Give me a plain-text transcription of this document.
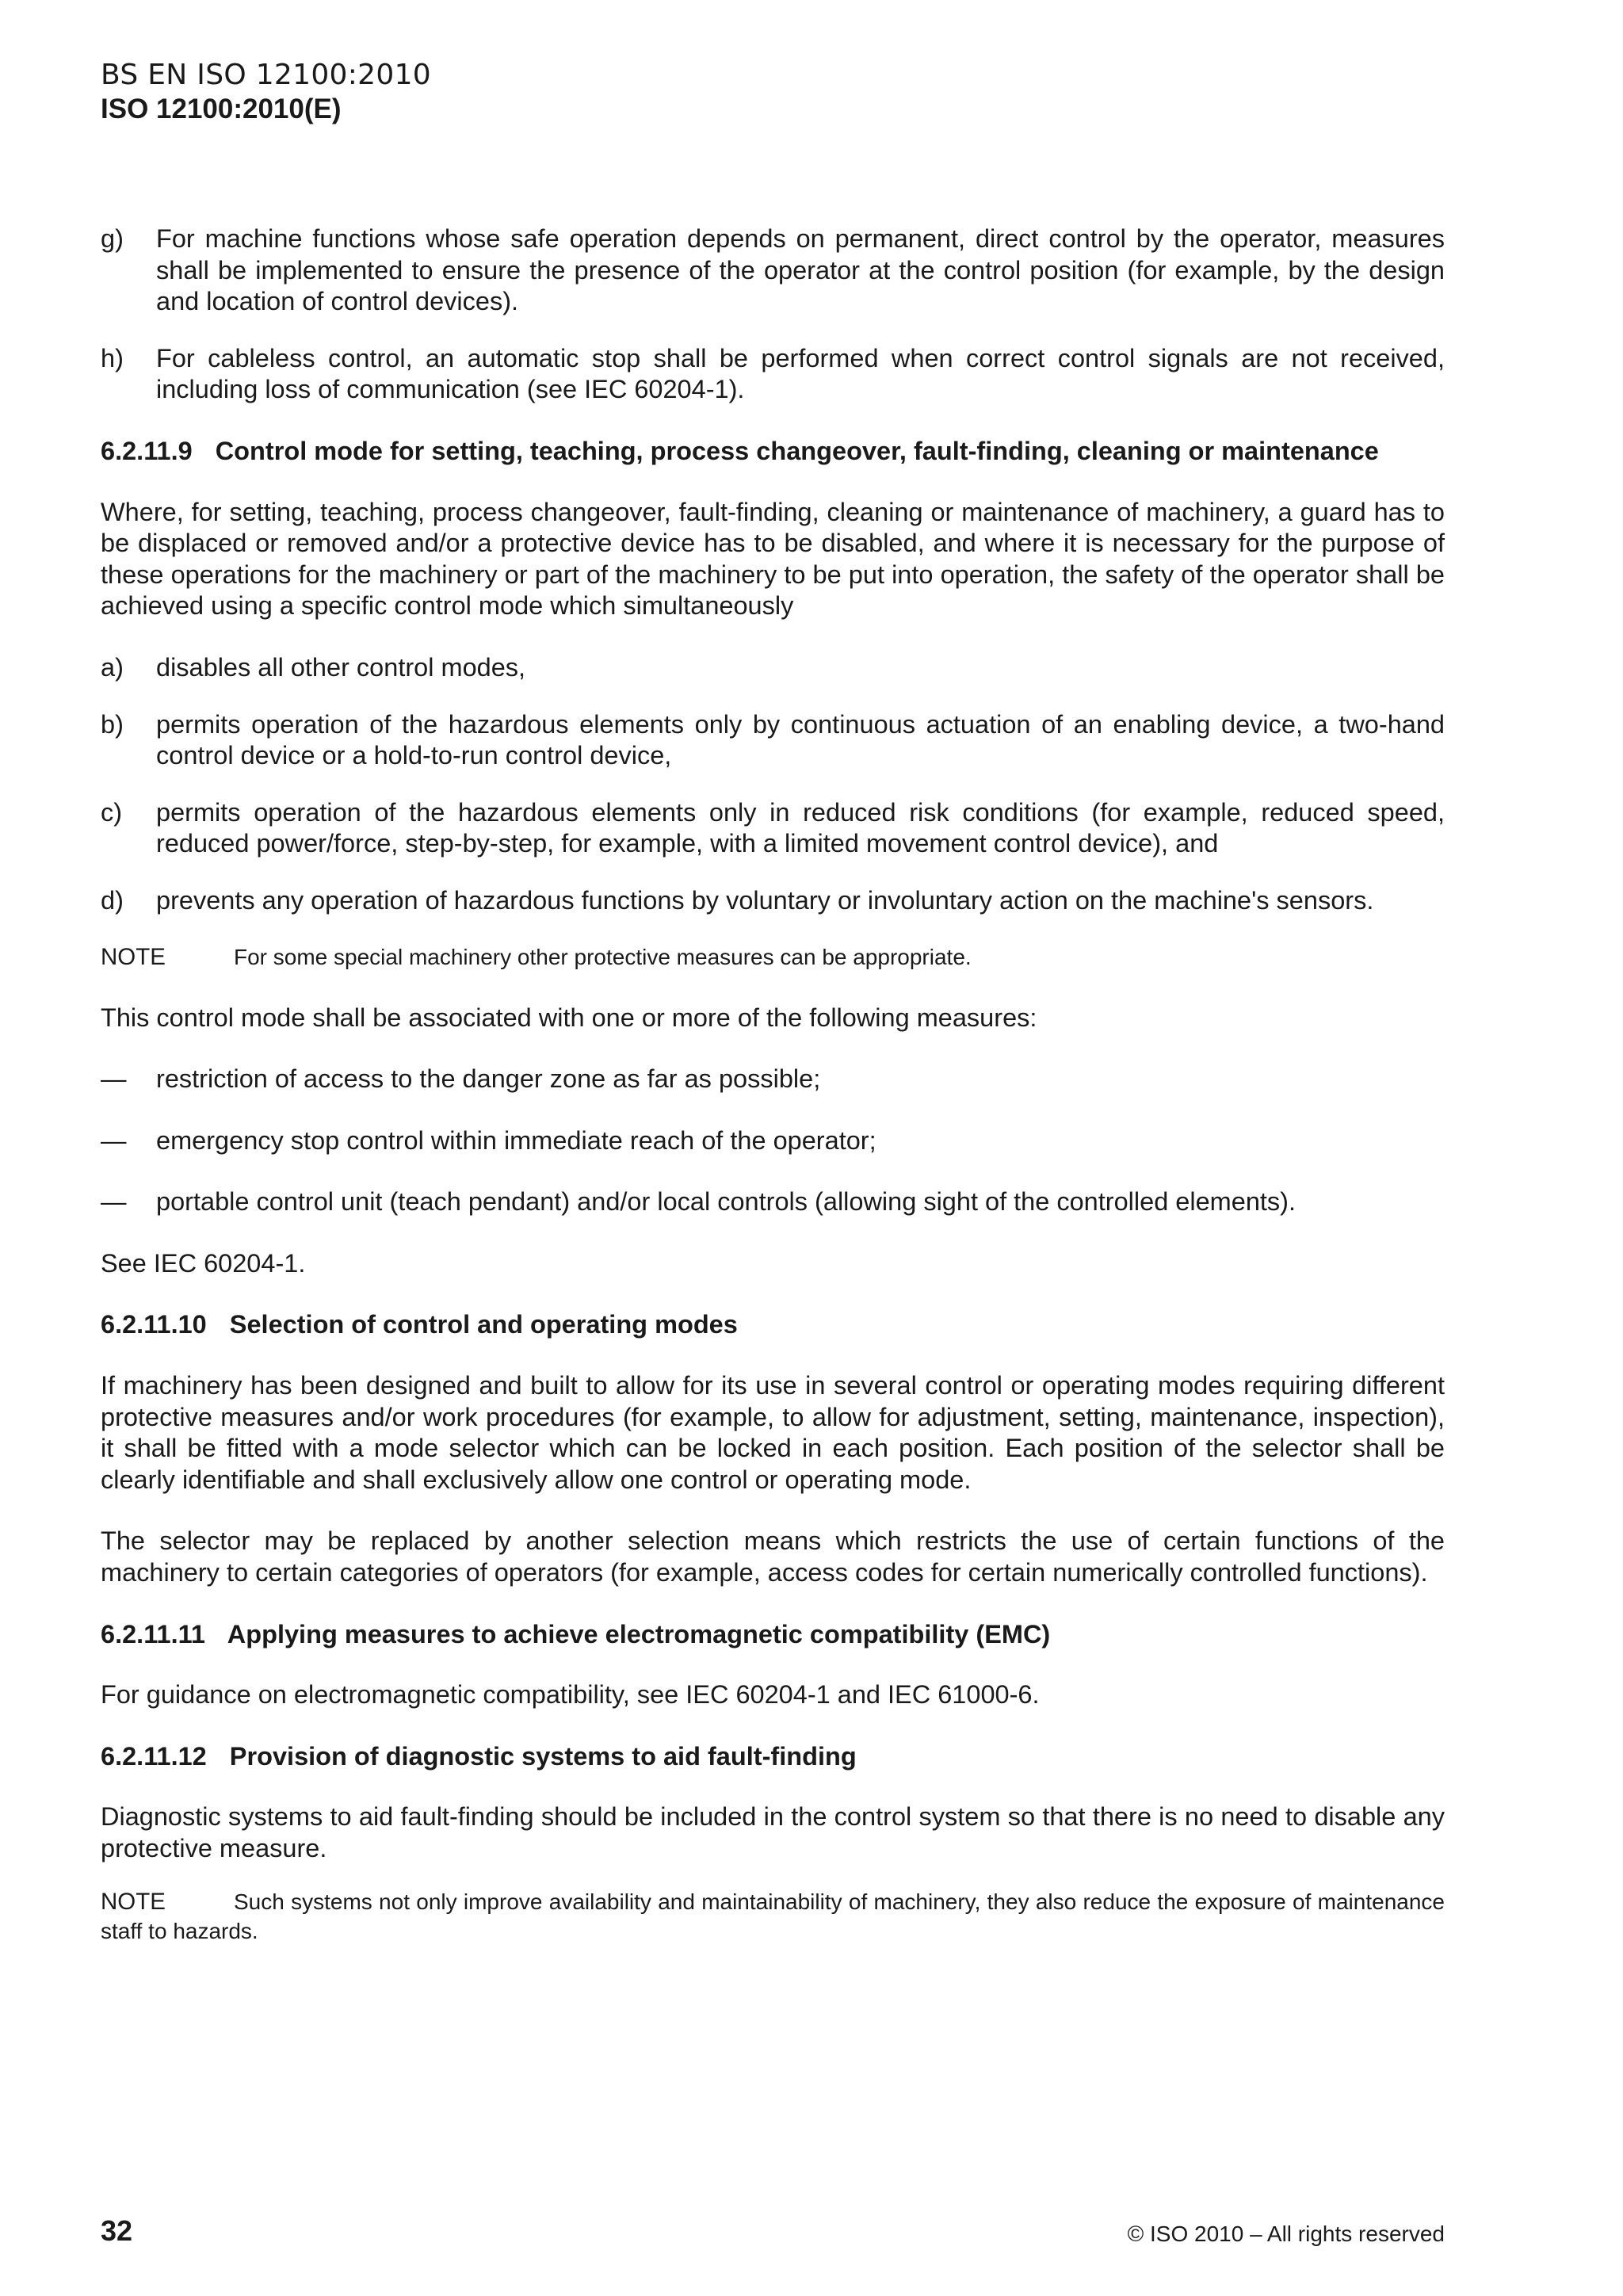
BS EN ISO 12100:2010
ISO 12100:2010(E)
g)	For machine functions whose safe operation depends on permanent, direct control by the operator, measures shall be implemented to ensure the presence of the operator at the control position (for example, by the design and location of control devices).
h)	For cableless control, an automatic stop shall be performed when correct control signals are not received, including loss of communication (see IEC 60204-1).
6.2.11.9 Control mode for setting, teaching, process changeover, fault-finding, cleaning or maintenance
Where, for setting, teaching, process changeover, fault-finding, cleaning or maintenance of machinery, a guard has to be displaced or removed and/or a protective device has to be disabled, and where it is necessary for the purpose of these operations for the machinery or part of the machinery to be put into operation, the safety of the operator shall be achieved using a specific control mode which simultaneously
a)	disables all other control modes,
b)	permits operation of the hazardous elements only by continuous actuation of an enabling device, a two-hand control device or a hold-to-run control device,
c)	permits operation of the hazardous elements only in reduced risk conditions (for example, reduced speed, reduced power/force, step-by-step, for example, with a limited movement control device), and
d)	prevents any operation of hazardous functions by voluntary or involuntary action on the machine's sensors.
NOTE	For some special machinery other protective measures can be appropriate.
This control mode shall be associated with one or more of the following measures:
—	restriction of access to the danger zone as far as possible;
—	emergency stop control within immediate reach of the operator;
—	portable control unit (teach pendant) and/or local controls (allowing sight of the controlled elements).
See IEC 60204-1.
6.2.11.10 Selection of control and operating modes
If machinery has been designed and built to allow for its use in several control or operating modes requiring different protective measures and/or work procedures (for example, to allow for adjustment, setting, maintenance, inspection), it shall be fitted with a mode selector which can be locked in each position. Each position of the selector shall be clearly identifiable and shall exclusively allow one control or operating mode.
The selector may be replaced by another selection means which restricts the use of certain functions of the machinery to certain categories of operators (for example, access codes for certain numerically controlled functions).
6.2.11.11 Applying measures to achieve electromagnetic compatibility (EMC)
For guidance on electromagnetic compatibility, see IEC 60204-1 and IEC 61000-6.
6.2.11.12 Provision of diagnostic systems to aid fault-finding
Diagnostic systems to aid fault-finding should be included in the control system so that there is no need to disable any protective measure.
NOTE	Such systems not only improve availability and maintainability of machinery, they also reduce the exposure of maintenance staff to hazards.
32	© ISO 2010 – All rights reserved
